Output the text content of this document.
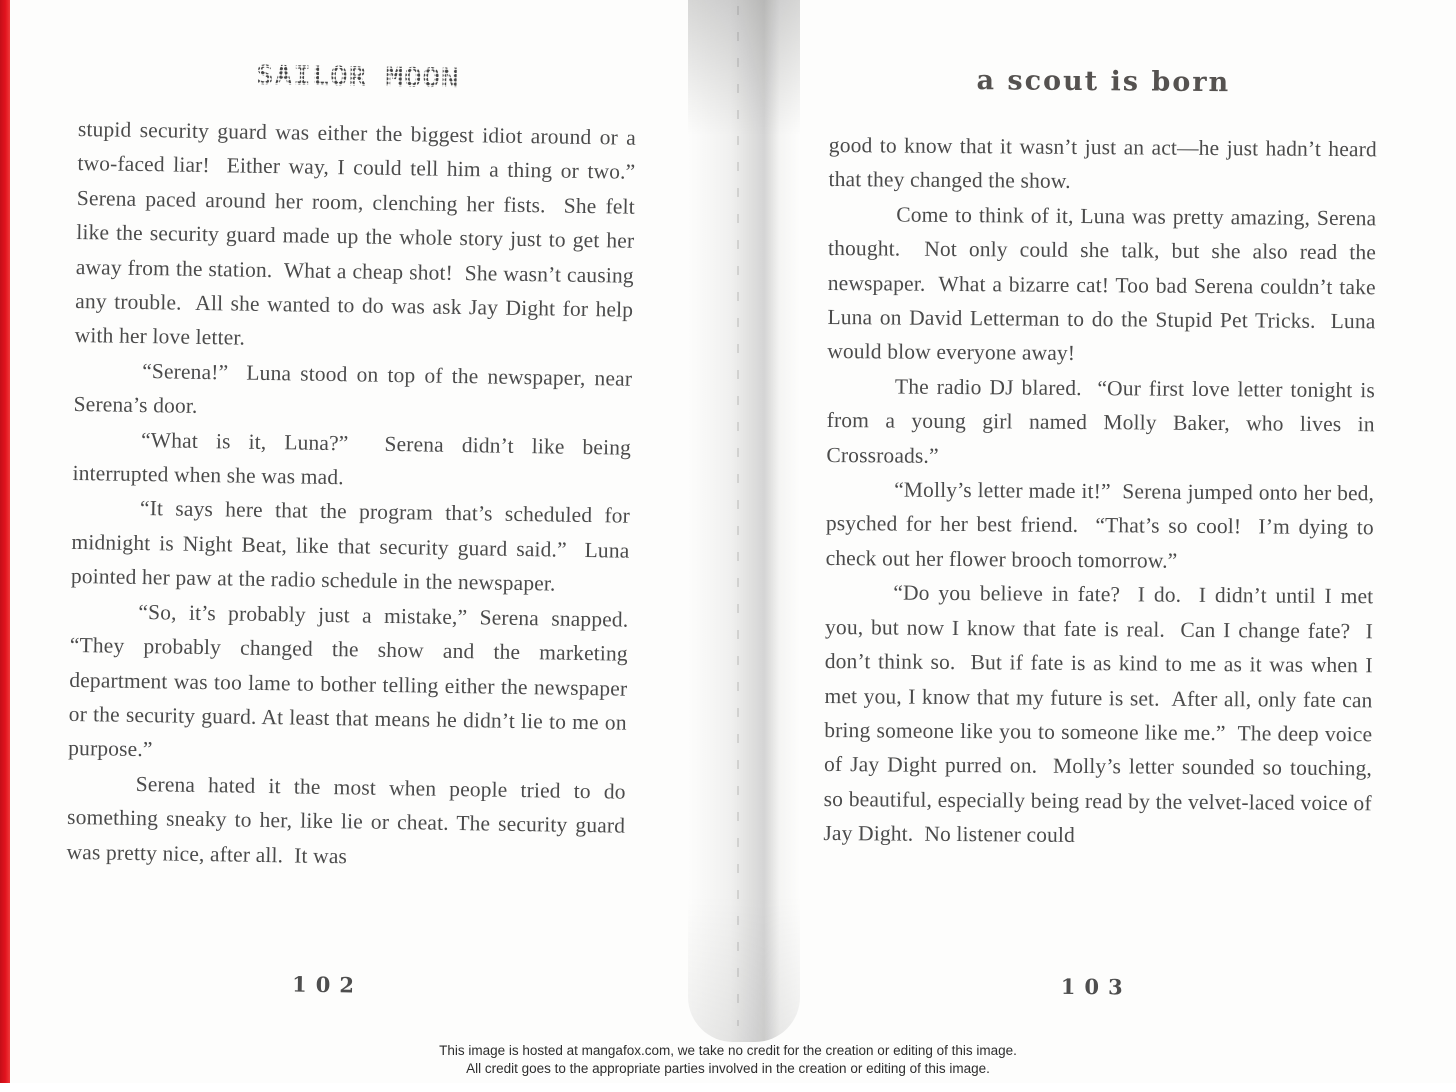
SAILOR MOON

stupid security guard was either the biggest idiot around or a two-faced liar!  Either way, I could tell him a thing or two.”  Serena paced around her room, clenching her fists.  She felt like the security guard made up the whole story just to get her away from the station.  What a cheap shot!  She wasn’t causing any trouble.  All she wanted to do was ask Jay Dight for help with her love letter.

“Serena!”  Luna stood on top of the newspaper, near Serena’s door.

“What is it, Luna?”  Serena didn’t like being interrupted when she was mad.

“It says here that the program that’s scheduled for midnight is Night Beat, like that security guard said.”  Luna pointed her paw at the radio schedule in the newspaper.

“So, it’s probably just a mistake,” Serena snapped.  “They probably changed the show and the marketing department was too lame to bother telling either the newspaper or the security guard. At least that means he didn’t lie to me on purpose.”

Serena hated it the most when people tried to do something sneaky to her, like lie or cheat. The security guard was pretty nice, after all.  It was

102
a scout is born

good to know that it wasn’t just an act—he just hadn’t heard that they changed the show.

Come to think of it, Luna was pretty amazing, Serena thought.  Not only could she talk, but she also read the newspaper.  What a bizarre cat! Too bad Serena couldn’t take Luna on David Letterman to do the Stupid Pet Tricks.  Luna would blow everyone away!

The radio DJ blared.  “Our first love letter tonight is from a young girl named Molly Baker, who lives in Crossroads.”

“Molly’s letter made it!”  Serena jumped onto her bed, psyched for her best friend.  “That’s so cool!  I’m dying to check out her flower brooch tomorrow.”

“Do you believe in fate?  I do.  I didn’t until I met you, but now I know that fate is real.  Can I change fate?  I don’t think so.  But if fate is as kind to me as it was when I met you, I know that my future is set.  After all, only fate can bring someone like you to someone like me.”  The deep voice of Jay Dight purred on.  Molly’s letter sounded so touching, so beautiful, especially being read by the velvet-laced voice of Jay Dight.  No listener could

103
This image is hosted at mangafox.com, we take no credit for the creation or editing of this image.
All credit goes to the appropriate parties involved in the creation or editing of this image.
